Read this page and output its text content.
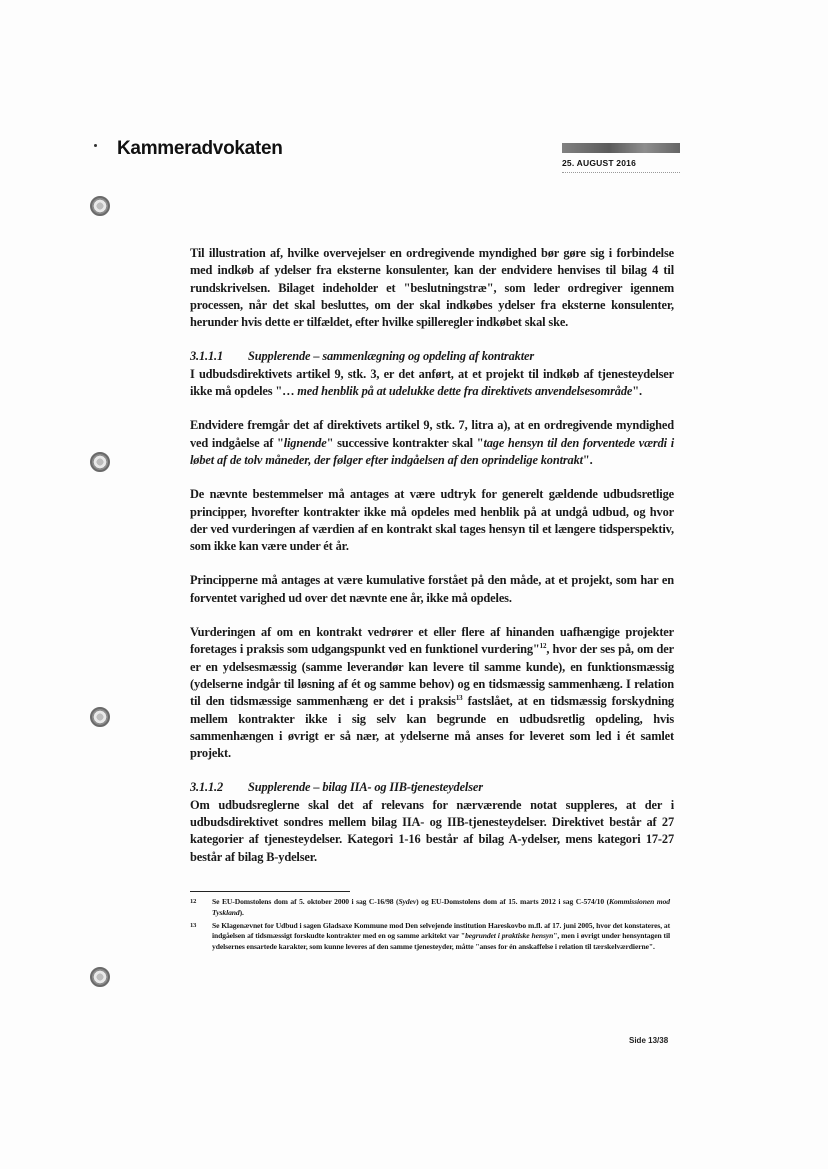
Kammeradvokaten
25. AUGUST 2016

Til illustration af, hvilke overvejelser en ordregivende myndighed bør gøre sig i forbindelse med indkøb af ydelser fra eksterne konsulenter, kan der endvidere henvises til bilag 4 til rundskrivelsen. Bilaget indeholder et "beslutningstræ", som leder ordregiver igennem processen, når det skal besluttes, om der skal indkøbes ydelser fra eksterne konsulenter, herunder hvis dette er tilfældet, efter hvilke spilleregler indkøbet skal ske.

3.1.1.1 Supplerende – sammenlægning og opdeling af kontrakter

I udbudsdirektivets artikel 9, stk. 3, er det anført, at et projekt til indkøb af tjenesteydelser ikke må opdeles "… med henblik på at udelukke dette fra direktivets anvendelsesområde".

Endvidere fremgår det af direktivets artikel 9, stk. 7, litra a), at en ordregivende myndighed ved indgåelse af "lignende" successive kontrakter skal "tage hensyn til den forventede værdi i løbet af de tolv måneder, der følger efter indgåelsen af den oprindelige kontrakt".

De nævnte bestemmelser må antages at være udtryk for generelt gældende udbudsretlige principper, hvorefter kontrakter ikke må opdeles med henblik på at undgå udbud, og hvor der ved vurderingen af værdien af en kontrakt skal tages hensyn til et længere tidsperspektiv, som ikke kan være under ét år.

Principperne må antages at være kumulative forstået på den måde, at et projekt, som har en forventet varighed ud over det nævnte ene år, ikke må opdeles.

Vurderingen af om en kontrakt vedrører et eller flere af hinanden uafhængige projekter foretages i praksis som udgangspunkt ved en funktionel vurdering"$^{12}$, hvor der ses på, om der er en ydelsesmæssig (samme leverandør kan levere til samme kunde), en funktionsmæssig (ydelserne indgår til løsning af ét og samme behov) og en tidsmæssig sammenhæng. I relation til den tidsmæssige sammenhæng er det i praksis$^{13}$ fastslået, at en tidsmæssig forskydning mellem kontrakter ikke i sig selv kan begrunde en udbudsretlig opdeling, hvis sammenhængen i øvrigt er så nær, at ydelserne må anses for leveret som led i ét samlet projekt.

3.1.1.2 Supplerende – bilag IIA- og IIB-tjenesteydelser

Om udbudsreglerne skal det af relevans for nærværende notat suppleres, at der i udbudsdirektivet sondres mellem bilag IIA- og IIB-tjenesteydelser. Direktivet består af 27 kategorier af tjenesteydelser. Kategori 1-16 består af bilag A-ydelser, mens kategori 17-27 består af bilag B-ydelser.

12 Se EU-Domstolens dom af 5. oktober 2000 i sag C-16/98 (Sydev) og EU-Domstolens dom af 15. marts 2012 i sag C-574/10 (Kommissionen mod Tyskland).
13 Se Klagenævnet for Udbud i sagen Gladsaxe Kommune mod Den selvejende institution Hareskovbo m.fl. af 17. juni 2005, hvor det konstateres, at indgåelsen af tidsmæssigt forskudte kontrakter med en og samme arkitekt var "begrundet i praktiske hensyn", men i øvrigt under hensyntagen til ydelsernes ensartede karakter, som kunne leveres af den samme tjenesteyder, måtte "anses for én anskaffelse i relation til tærskelværdierne".
Side 13/38
